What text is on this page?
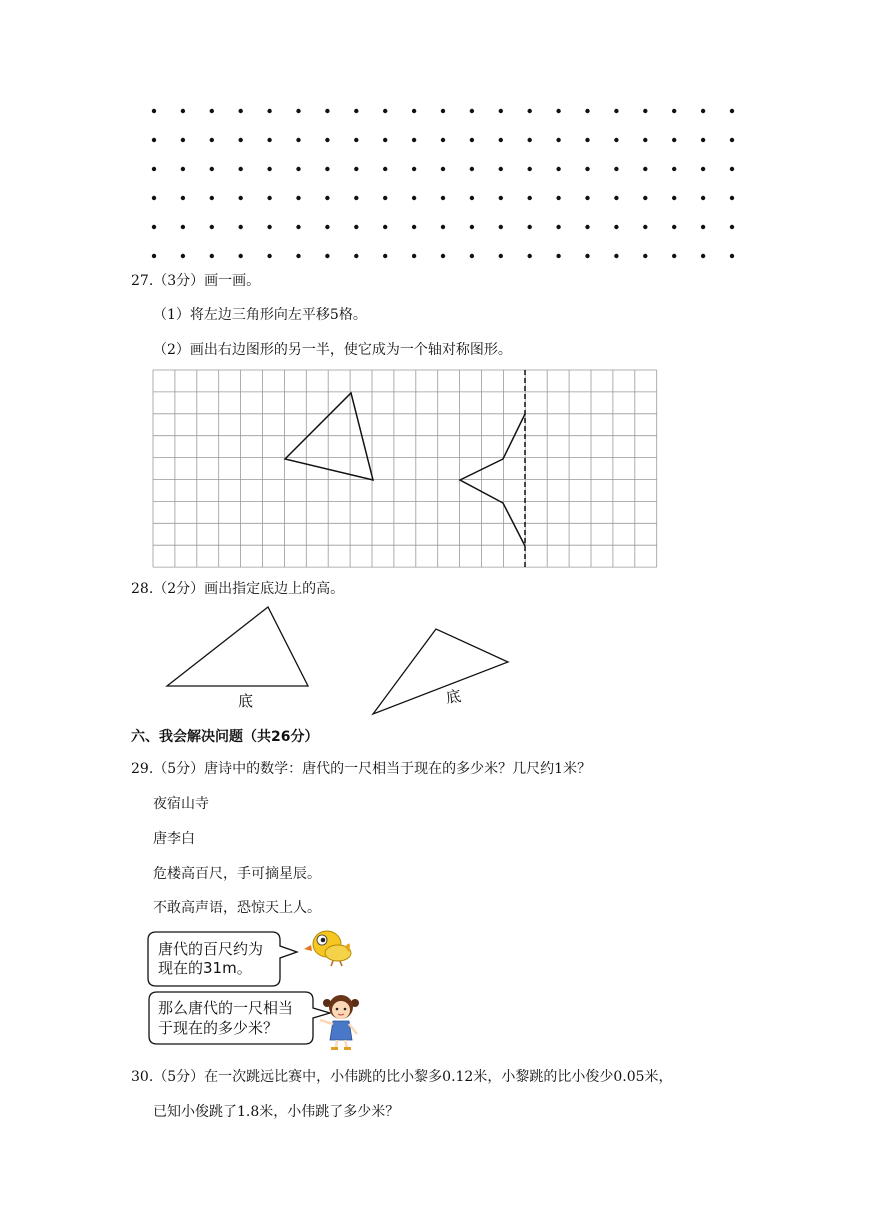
27.（3分）画一画。
（1）将左边三角形向左平移5格。
（2）画出右边图形的另一半，使它成为一个轴对称图形。
28.（2分）画出指定底边上的高。
底	底
六、我会解决问题（共26分）
29.（5分）唐诗中的数学：唐代的一尺相当于现在的多少米？几尺约1米？
夜宿山寺
唐李白
危楼高百尺，手可摘星辰。
不敢高声语，恐惊天上人。
唐代的百尺约为
现在的31m。
那么唐代的一尺相当
于现在的多少米？
30.（5分）在一次跳远比赛中，小伟跳的比小黎多0.12米，小黎跳的比小俊少0.05米，
已知小俊跳了1.8米，小伟跳了多少米？
